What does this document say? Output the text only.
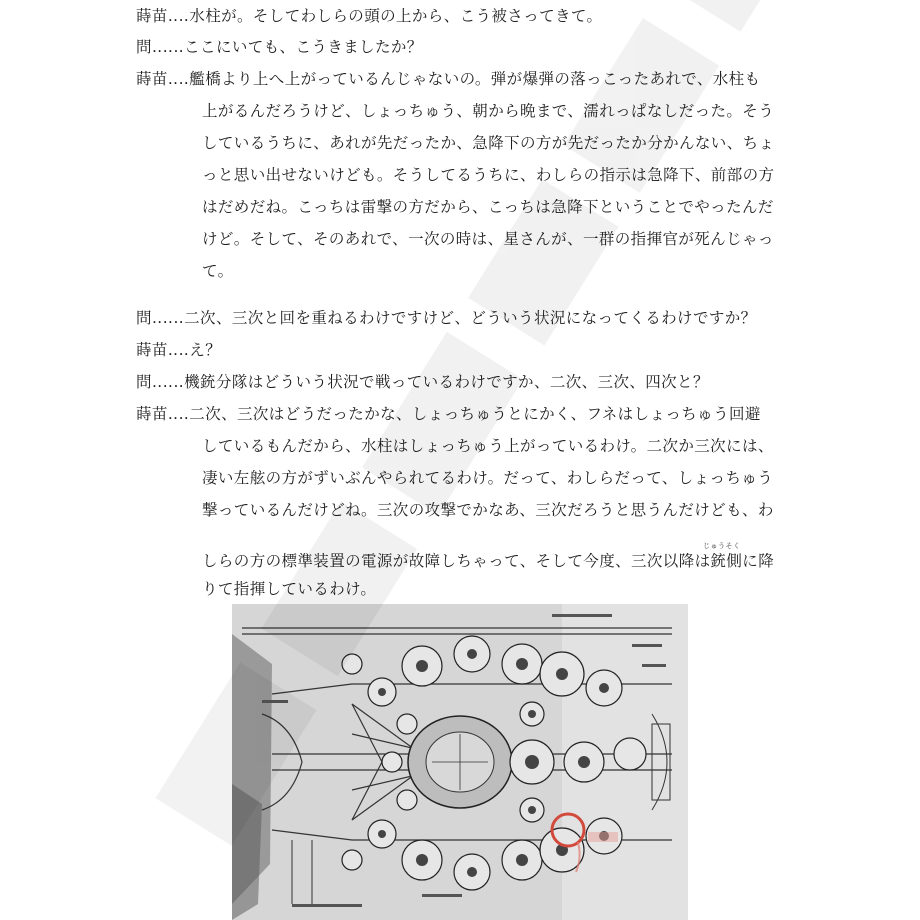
蒔苗‥‥水柱が。そしてわしらの頭の上から、こう被さってきて。
問‥‥‥ここにいても、こうきましたか？
蒔苗‥‥艦橋より上へ上がっているんじゃないの。弾が爆弾の落っこったあれで、水柱も
上がるんだろうけど、しょっちゅう、朝から晩まで、濡れっぱなしだった。そう
しているうちに、あれが先だったか、急降下の方が先だったか分かんない、ちょ
っと思い出せないけども。そうしてるうちに、わしらの指示は急降下、前部の方
はだめだね。こっちは雷撃の方だから、こっちは急降下ということでやったんだ
けど。そして、そのあれで、一次の時は、星さんが、一群の指揮官が死んじゃっ
て。
問‥‥‥二次、三次と回を重ねるわけですけど、どういう状況になってくるわけですか？
蒔苗‥‥え？
問‥‥‥機銃分隊はどういう状況で戦っているわけですか、二次、三次、四次と？
蒔苗‥‥二次、三次はどうだったかな、しょっちゅうとにかく、フネはしょっちゅう回避
しているもんだから、水柱はしょっちゅう上がっているわけ。二次か三次には、
凄い左舷の方がずいぶんやられてるわけ。だって、わしらだって、しょっちゅう
撃っているんだけどね。三次の攻撃でかなあ、三次だろうと思うんだけども、わ
しらの方の標準装置の電源が故障しちゃって、そして今度、三次以降は銃側に降
りて指揮しているわけ。
じゅうそく
